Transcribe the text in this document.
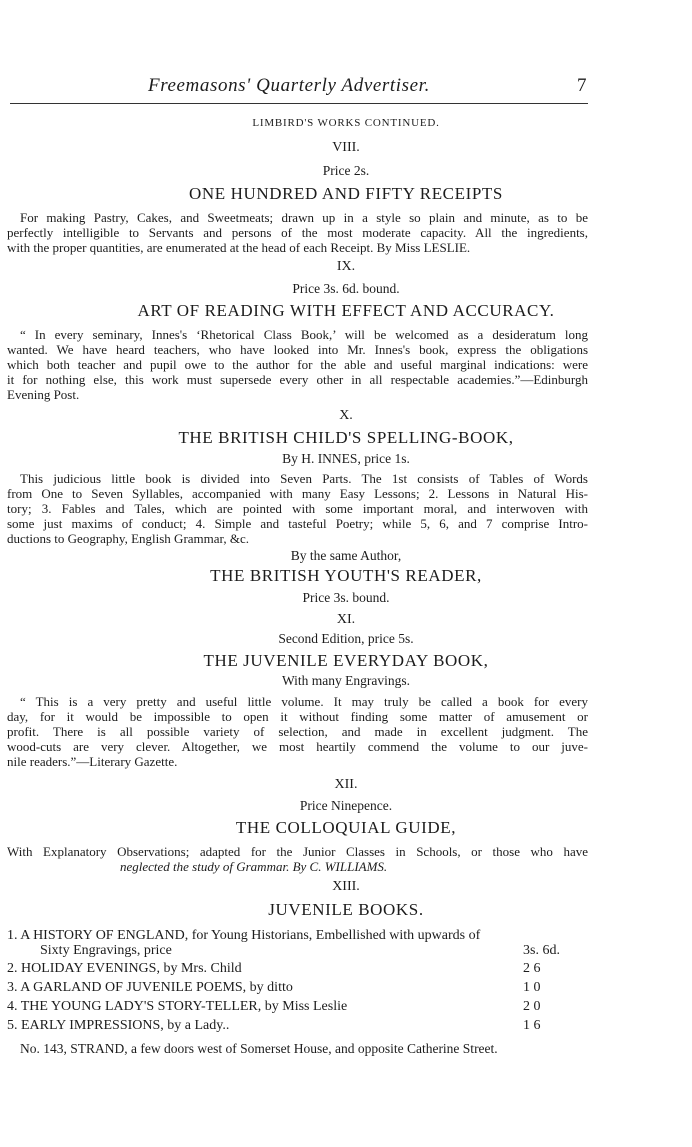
Freemasons' Quarterly Advertiser.	7
LIMBIRD'S WORKS CONTINUED.
VIII.
Price 2s.
ONE HUNDRED AND FIFTY RECEIPTS
For making Pastry, Cakes, and Sweetmeats; drawn up in a style so plain and minute, as to be
perfectly intelligible to Servants and persons of the most moderate capacity. All the ingredients,
with the proper quantities, are enumerated at the head of each Receipt. By Miss LESLIE.
IX.
Price 3s. 6d. bound.
ART OF READING WITH EFFECT AND ACCURACY.
“ In every seminary, Innes's ‘Rhetorical Class Book,’ will be welcomed as a desideratum long
wanted. We have heard teachers, who have looked into Mr. Innes's book, express the obligations
which both teacher and pupil owe to the author for the able and useful marginal indications: were
it for nothing else, this work must supersede every other in all respectable academies.”—Edinburgh
Evening Post.
X.
THE BRITISH CHILD'S SPELLING-BOOK,
By H. INNES, price 1s.
This judicious little book is divided into Seven Parts. The 1st consists of Tables of Words
from One to Seven Syllables, accompanied with many Easy Lessons; 2. Lessons in Natural His-
tory; 3. Fables and Tales, which are pointed with some important moral, and interwoven with
some just maxims of conduct; 4. Simple and tasteful Poetry; while 5, 6, and 7 comprise Intro-
ductions to Geography, English Grammar, &c.
By the same Author,
THE BRITISH YOUTH'S READER,
Price 3s. bound.
XI.
Second Edition, price 5s.
THE JUVENILE EVERYDAY BOOK,
With many Engravings.
“ This is a very pretty and useful little volume. It may truly be called a book for every
day, for it would be impossible to open it without finding some matter of amusement or
profit. There is all possible variety of selection, and made in excellent judgment. The
wood-cuts are very clever. Altogether, we most heartily commend the volume to our juve-
nile readers.”—Literary Gazette.
XII.
Price Ninepence.
THE COLLOQUIAL GUIDE,
With Explanatory Observations; adapted for the Junior Classes in Schools, or those who have
neglected the study of Grammar. By C. WILLIAMS.
XIII.
JUVENILE BOOKS.
1. A HISTORY OF ENGLAND, for Young Historians, Embellished with upwards of
Sixty Engravings, price	3s. 6d.
2. HOLIDAY EVENINGS, by Mrs. Child	2 6
3. A GARLAND OF JUVENILE POEMS, by ditto	1 0
4. THE YOUNG LADY'S STORY-TELLER, by Miss Leslie	2 0
5. EARLY IMPRESSIONS, by a Lady..	1 6
No. 143, STRAND, a few doors west of Somerset House, and opposite Catherine Street.
